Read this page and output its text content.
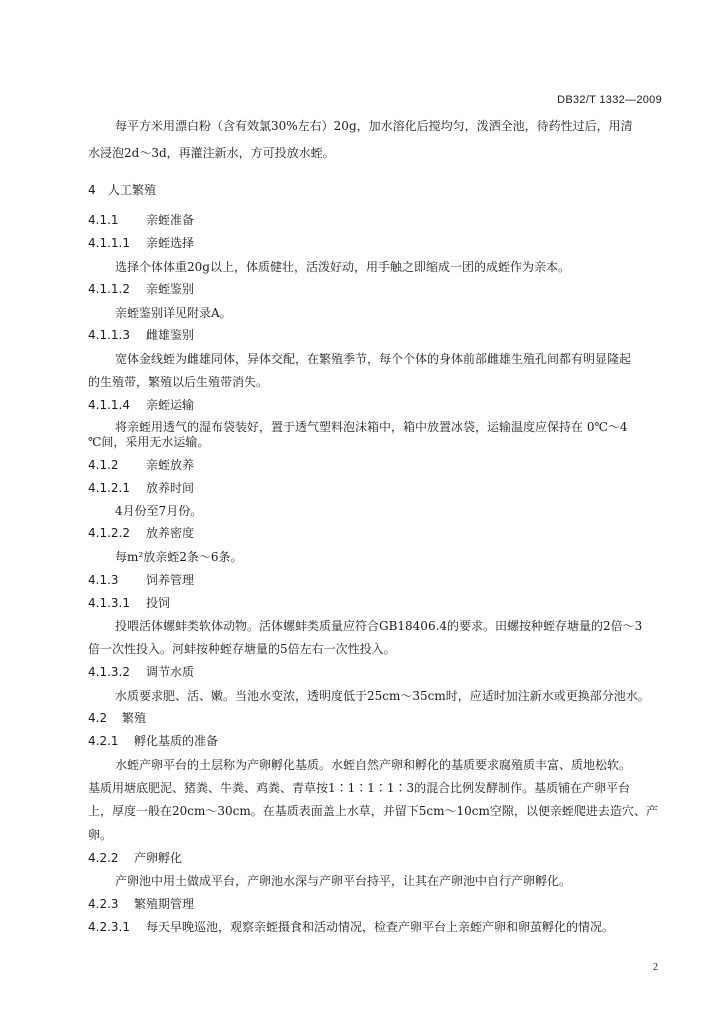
DB32/T 1332—2009
每平方米用漂白粉（含有效氯30%左右）20g，加水溶化后搅均匀，泼洒全池，待药性过后，用清
水浸泡2d～3d，再灌注新水，方可投放水蛭。
4 人工繁殖
4.1.1 亲蛭准备
4.1.1.1 亲蛭选择
选择个体体重20g以上，体质健壮，活泼好动，用手触之即缩成一团的成蛭作为亲本。
4.1.1.2 亲蛭鉴别
亲蛭鉴别详见附录A。
4.1.1.3 雌雄鉴别
宽体金线蛭为雌雄同体，异体交配，在繁殖季节，每个个体的身体前部雌雄生殖孔间都有明显隆起
的生殖带，繁殖以后生殖带消失。
4.1.1.4 亲蛭运输
将亲蛭用透气的湿布袋装好，置于透气塑料泡沫箱中，箱中放置冰袋，运输温度应保持在 0℃～4
℃间，采用无水运输。
4.1.2 亲蛭放养
4.1.2.1 放养时间
4月份至7月份。
4.1.2.2 放养密度
每m²放亲蛭2条～6条。
4.1.3 饲养管理
4.1.3.1 投饲
投喂活体螺蚌类软体动物。活体螺蚌类质量应符合GB18406.4的要求。田螺按种蛭存塘量的2倍～3
倍一次性投入。河蚌按种蛭存塘量的5倍左右一次性投入。
4.1.3.2 调节水质
水质要求肥、活、嫩。当池水变浓，透明度低于25cm～35cm时，应适时加注新水或更换部分池水。
4.2 繁殖
4.2.1 孵化基质的准备
水蛭产卵平台的土层称为产卵孵化基质。水蛭自然产卵和孵化的基质要求腐殖质丰富、质地松软。
基质用塘底肥泥、猪粪、牛粪、鸡粪、青草按1∶1∶1∶1∶3的混合比例发酵制作。基质铺在产卵平台
上，厚度一般在20cm～30cm。在基质表面盖上水草，并留下5cm～10cm空隙，以便亲蛭爬进去造穴、产
卵。
4.2.2 产卵孵化
产卵池中用土做成平台，产卵池水深与产卵平台持平，让其在产卵池中自行产卵孵化。
4.2.3 繁殖期管理
4.2.3.1 每天早晚巡池，观察亲蛭摄食和活动情况，检查产卵平台上亲蛭产卵和卵茧孵化的情况。
2
